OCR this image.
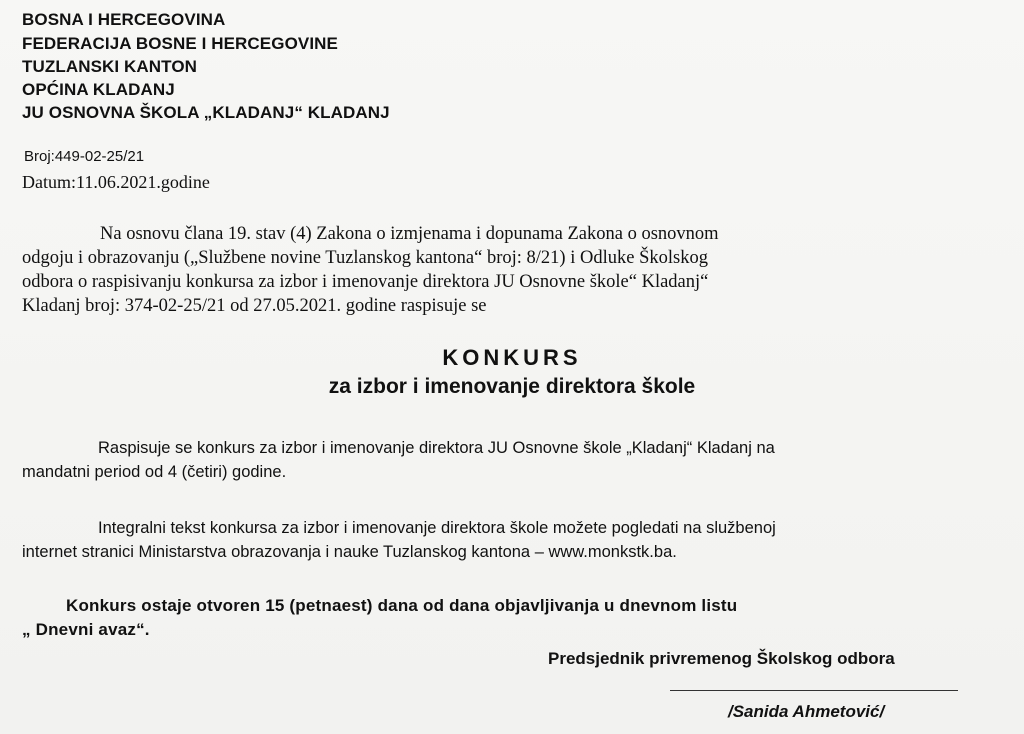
BOSNA I HERCEGOVINA
FEDERACIJA BOSNE I HERCEGOVINE
TUZLANSKI KANTON
OPĆINA KLADANJ
JU OSNOVNA ŠKOLA „KLADANJ“ KLADANJ
Broj:449-02-25/21
Datum:11.06.2021.godine
Na osnovu člana 19. stav (4) Zakona o izmjenama i dopunama Zakona o osnovnom
odgoju i obrazovanju („Službene novine Tuzlanskog kantona“ broj: 8/21) i Odluke Školskog
odbora o raspisivanju konkursa za izbor i imenovanje direktora JU Osnovne škole“ Kladanj“
Kladanj broj: 374-02-25/21 od 27.05.2021. godine raspisuje se
KONKURS
za izbor i imenovanje direktora škole
Raspisuje se konkurs za izbor i imenovanje direktora JU Osnovne škole „Kladanj“ Kladanj na
mandatni period od 4 (četiri) godine.
Integralni tekst konkursa za izbor i imenovanje direktora škole možete pogledati na službenoj
internet stranici Ministarstva obrazovanja i nauke Tuzlanskog kantona – www.monkstk.ba.
Konkurs ostaje otvoren 15 (petnaest) dana od dana objavljivanja u dnevnom listu
„ Dnevni avaz“.
Predsjednik privremenog Školskog odbora
/Sanida Ahmetović/
